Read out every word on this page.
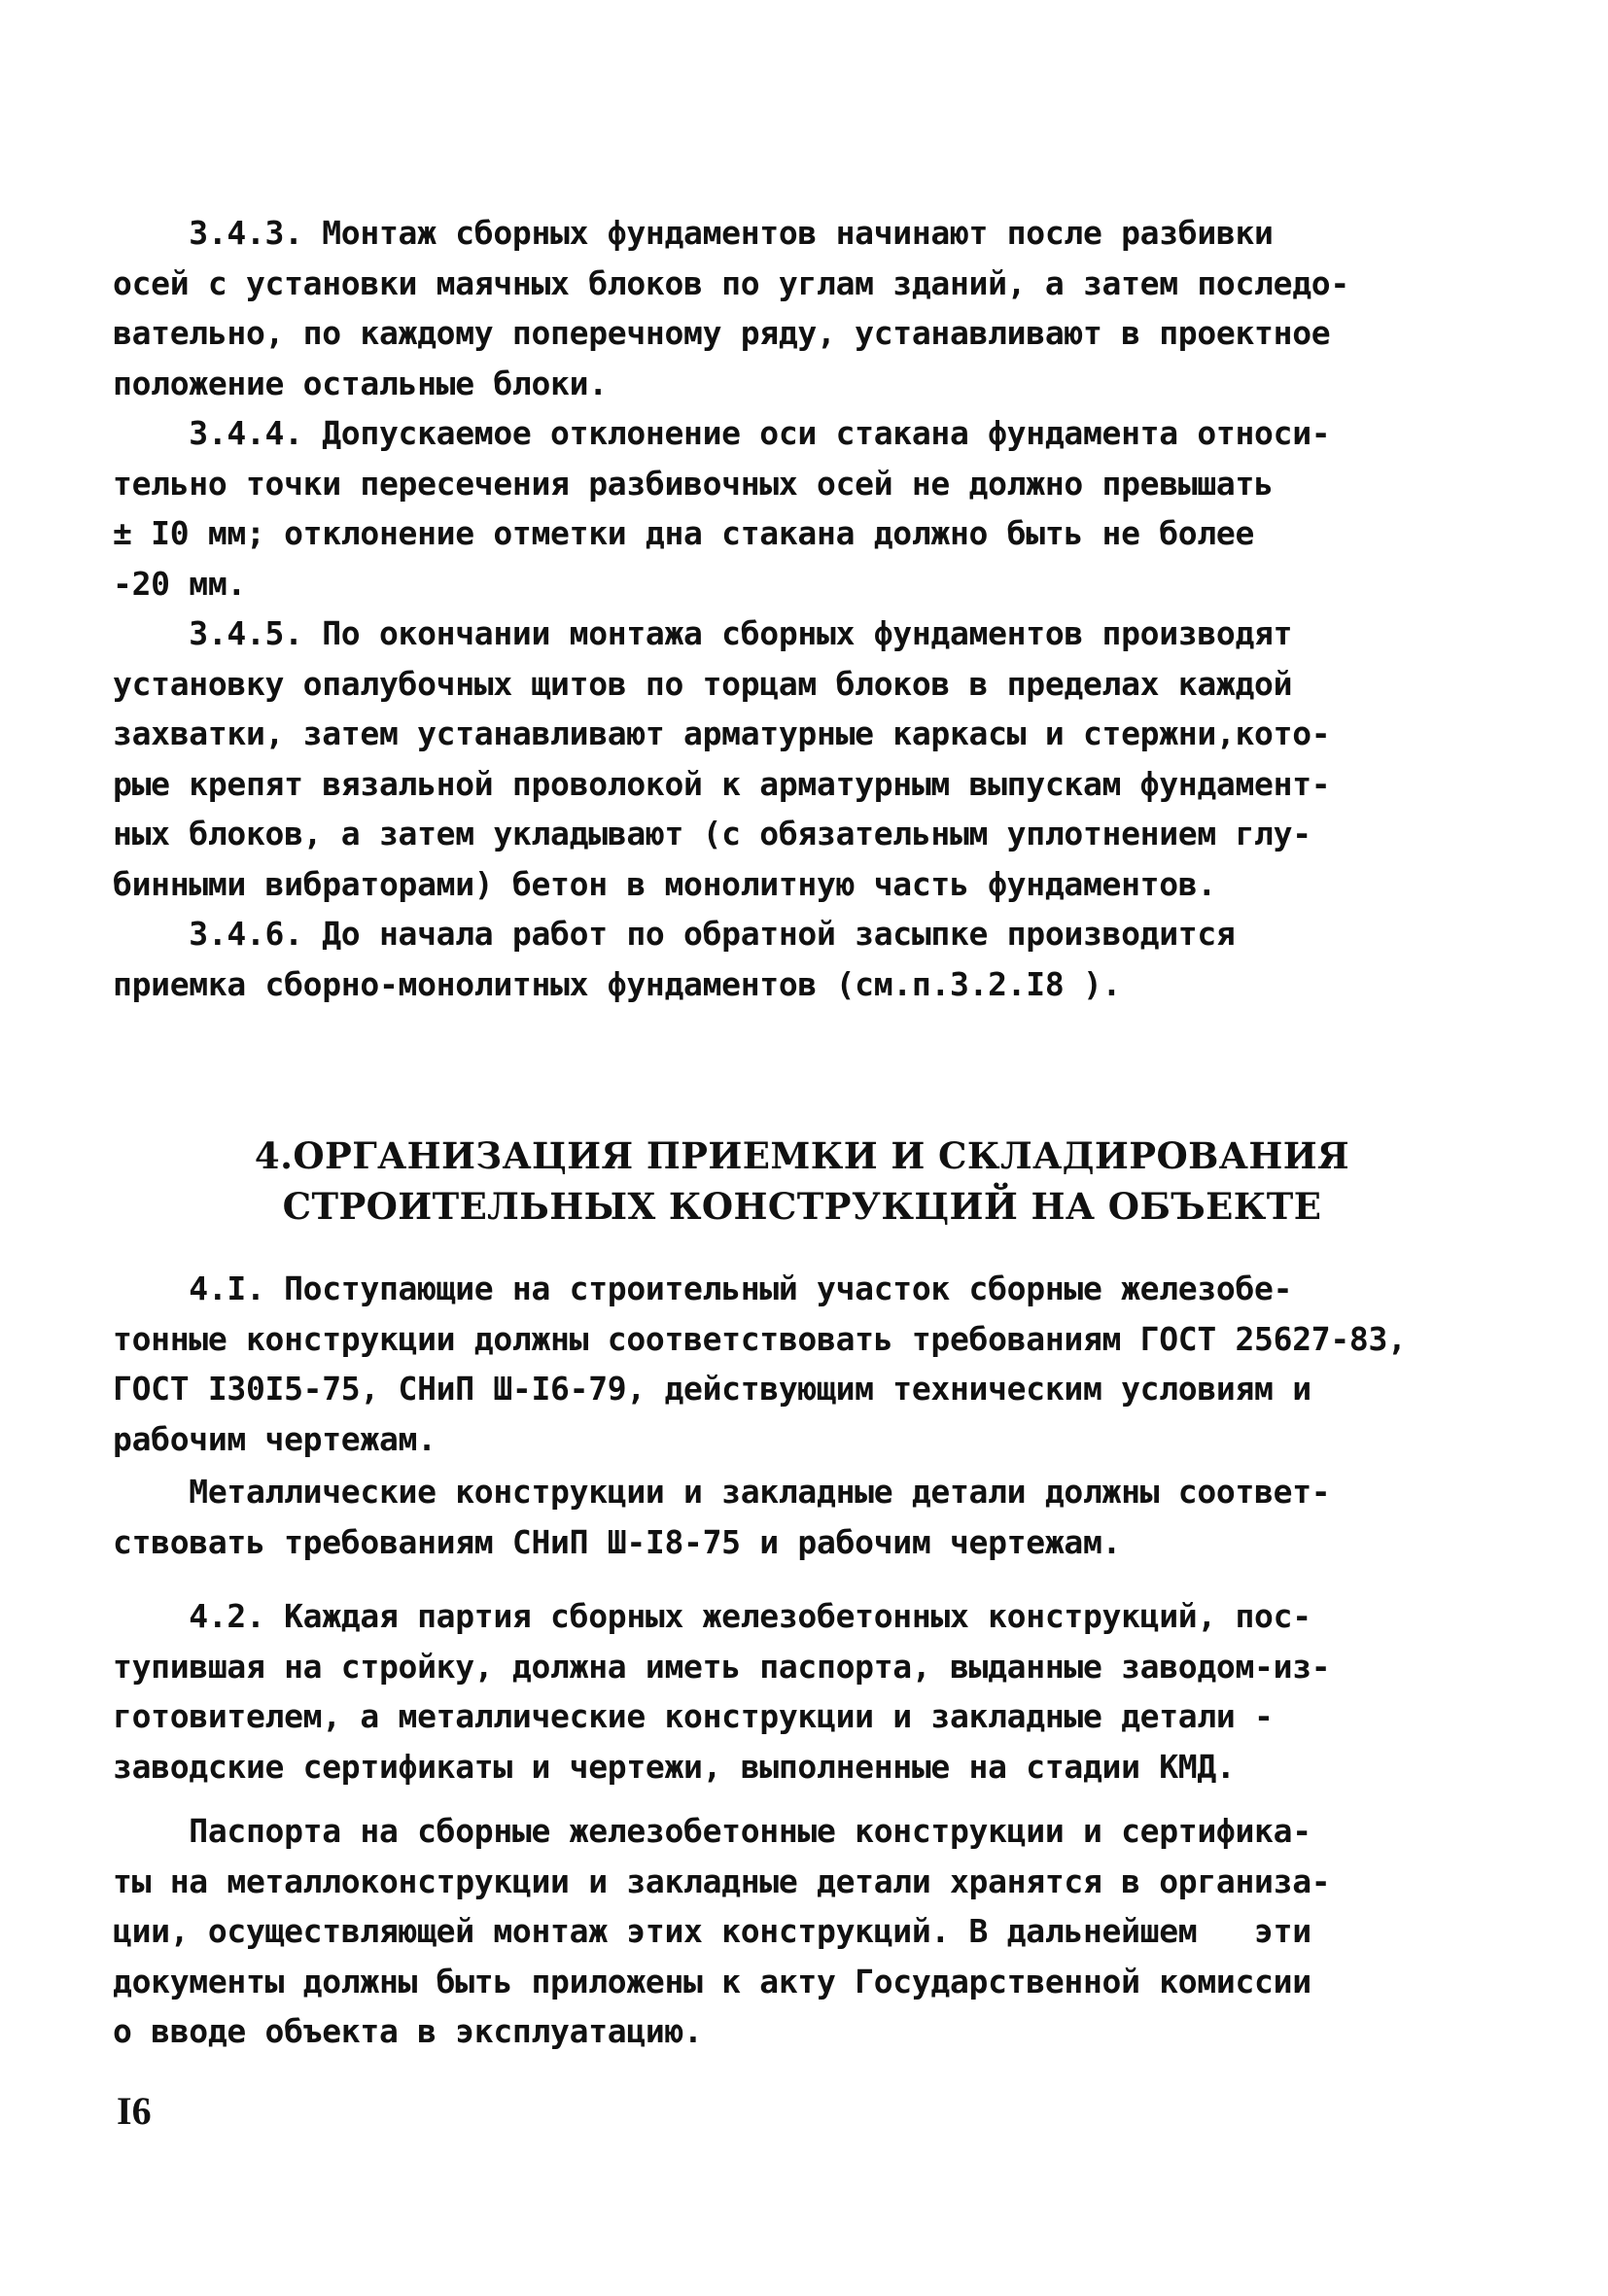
3.4.3. Монтаж сборных фундаментов начинают после разбивки
осей с установки маячных блоков по углам зданий, а затем последо-
вательно, по каждому поперечному ряду, устанавливают в проектное
положение остальные блоки.
3.4.4. Допускаемое отклонение оси стакана фундамента относи-
тельно точки пересечения разбивочных осей не должно превышать
± I0 мм; отклонение отметки дна стакана должно быть не более
-20 мм.
3.4.5. По окончании монтажа сборных фундаментов производят
установку опалубочных щитов по торцам блоков в пределах каждой
захватки, затем устанавливают арматурные каркасы и стержни,кото-
рые крепят вязальной проволокой к арматурным выпускам фундамент-
ных блоков, а затем укладывают (с обязательным уплотнением глу-
бинными вибраторами) бетон в монолитную часть фундаментов.
3.4.6. До начала работ по обратной засыпке производится
приемка сборно-монолитных фундаментов (см.п.3.2.I8 ).
4.ОРГАНИЗАЦИЯ ПРИЕМКИ И СКЛАДИРОВАНИЯ
СТРОИТЕЛЬНЫХ КОНСТРУКЦИЙ НА ОБЪЕКТЕ
4.I. Поступающие на строительный участок сборные железобе-
тонные конструкции должны соответствовать требованиям ГОСТ 25627-83,
ГОСТ I30I5-75, СНиП Ш-I6-79, действующим техническим условиям и
рабочим чертежам.
Металлические конструкции и закладные детали должны соответ-
ствовать требованиям СНиП Ш-I8-75 и рабочим чертежам.
4.2. Каждая партия сборных железобетонных конструкций, пос-
тупившая на стройку, должна иметь паспорта, выданные заводом-из-
готовителем, а металлические конструкции и закладные детали -
заводские сертификаты и чертежи, выполненные на стадии КМД.
Паспорта на сборные железобетонные конструкции и сертифика-
ты на металлоконструкции и закладные детали хранятся в организа-
ции, осуществляющей монтаж этих конструкций. В дальнейшем   эти
документы должны быть приложены к акту Государственной комиссии
о вводе объекта в эксплуатацию.
I6
